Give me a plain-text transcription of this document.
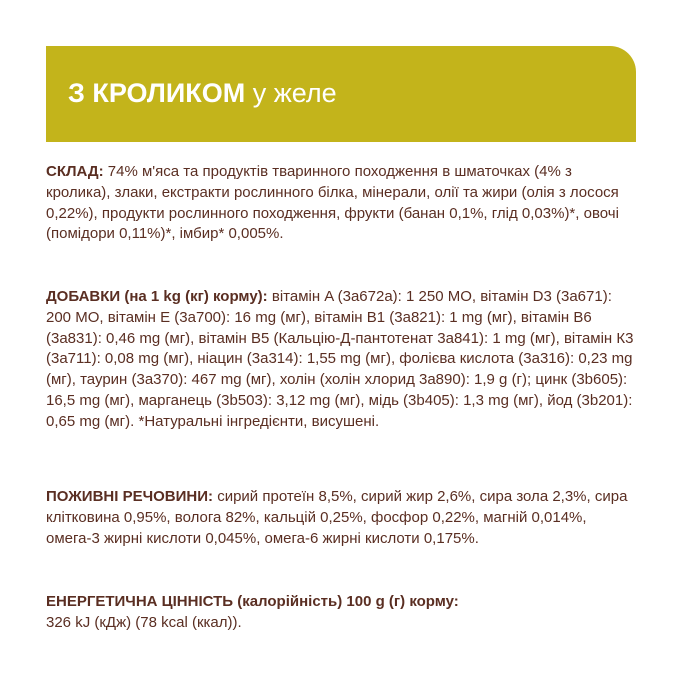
З КРОЛИКОМ у желе
СКЛАД: 74% м'яса та продуктів тваринного походження в шматочках (4% з кролика), злаки, екстракти рослинного білка, мінерали, олії та жири (олія з лосося 0,22%), продукти рослинного походження, фрукти (банан 0,1%, глід 0,03%)*, овочі (помідори 0,11%)*, імбир* 0,005%.
ДОБАВКИ (на 1 kg (кг) корму): вітамін A (3a672a): 1 250 МО, вітамін D3 (3a671): 200 МО, вітамін Е (3a700): 16 mg (мг), вітамін В1 (3a821): 1 mg (мг), вітамін В6 (3a831): 0,46 mg (мг), вітамін В5 (Кальцію-Д-пантотенат 3a841): 1 mg (мг), вітамін К3 (3a711): 0,08 mg (мг), ніацин (3a314): 1,55 mg (мг), фолієва кислота (3a316): 0,23 mg (мг), таурин (3a370): 467 mg (мг), холін (холін хлорид 3a890): 1,9 g (г); цинк (3b605): 16,5 mg (мг), марганець (3b503): 3,12 mg (мг), мідь (3b405): 1,3 mg (мг), йод (3b201): 0,65 mg (мг). *Натуральні інгредієнти, висушені.
ПОЖИВНІ РЕЧОВИНИ: сирий протеїн 8,5%, сирий жир 2,6%, сира зола 2,3%, сира клітковина 0,95%, волога 82%, кальцій 0,25%, фосфор 0,22%, магній 0,014%, омега-3 жирні кислоти 0,045%, омега-6 жирні кислоти 0,175%.
ЕНЕРГЕТИЧНА ЦІННІСТЬ (калорійність) 100 g (г) корму:
326 kJ (кДж) (78 kcal (ккал)).
